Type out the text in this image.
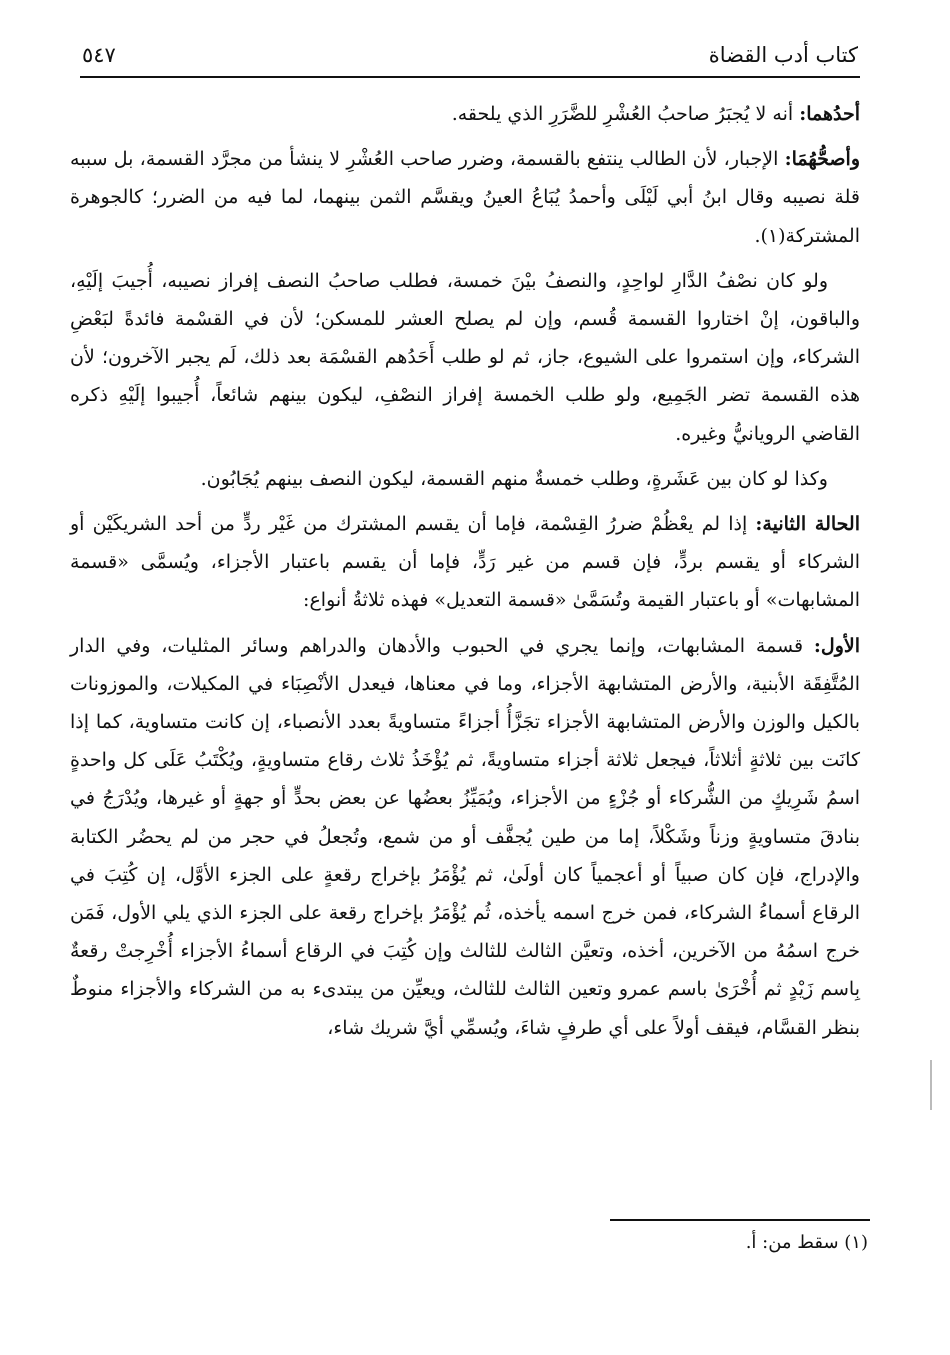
كتاب أدب القضاة
٥٤٧

أحدُهما: أنه لا يُجبَرُ صاحبُ العُشْرِ للضَّرَرِ الذي يلحقه.

وأصحُّهُمَا: الإجبار، لأن الطالب ينتفع بالقسمة، وضرر صاحب العُشْرِ لا ينشأ من مجرَّد القسمة، بل سببه قلة نصيبه وقال ابنُ أبي لَيْلَى وأحمدُ يُبَاعُ العينُ ويقسَّم الثمن بينهما، لما فيه من الضرر؛ كالجوهرة المشتركة(١).

ولو كان نصْفُ الدَّارِ لواحِدٍ، والنصفُ بيْنَ خمسة، فطلب صاحبُ النصف إفراز نصيبه، أُجيبَ إلَيْهِ، والباقون، إنْ اختاروا القسمة قُسم، وإن لم يصلح العشر للمسكن؛ لأن في القسْمة فائدةً لبَعْضِ الشركاء، وإن استمروا على الشيوع، جاز، ثم لو طلب أَحَدُهم القسْمَة بعد ذلك، لَم يجبر الآخرون؛ لأن هذه القسمة تضر الجَمِيع، ولو طلب الخمسة إفراز النصْفِ، ليكون بينهم شائعاً، أُجيبوا إلَيْهِ ذكره القاضي الرويانيُّ وغيره.

وكذا لو كان بين عَشَرةٍ، وطلب خمسةٌ منهم القسمة، ليكون النصف بينهم يُجَابُون.

الحالة الثانية: إذا لم يعْظُمْ ضررُ القِسْمة، فإما أن يقسم المشترك من غَيْر ردٍّ من أحد الشريكَيْن أو الشركاء أو يقسم بردٍّ، فإن قسم من غير رَدٍّ، فإما أن يقسم باعتبار الأجزاء، ويُسمَّى «قسمة المشابهات» أو باعتبار القيمة وتُسَمَّىٰ «قسمة التعديل» فهذه ثلاثةُ أنواع:

الأول: قسمة المشابهات، وإنما يجري في الحبوب والأدهان والدراهم وسائر المثليات، وفي الدار المُتَّفِقَة الأبنية، والأرض المتشابهة الأجزاء، وما في معناها، فيعدل الأنْصِبَاء في المكيلات، والموزونات بالكيل والوزن والأرض المتشابهة الأجزاء تجَزَّأُ أجزاءً متساويةً بعدد الأنصباء، إن كانت متساوية، كما إذا كانَت بين ثلاثةٍ أثلاثاً، فيجعل ثلاثة أجزاء متساويةً، ثم يُؤْخَذُ ثلاث رقاع متساويةٍ، ويُكْتَبُ عَلَى كل واحدةٍ اسمُ شَرِيكٍ من الشُّركاء أو جُزْءٍ من الأجزاء، ويُمَيِّزُ بعضُها عن بعض بحدٍّ أو جهةٍ أو غيرها، ويُدْرَجُ في بنادقَ متساويةٍ وزناً وشَكْلاً، إما من طين يُجفَّف أو من شمع، وتُجعلُ في حجر من لم يحضُر الكتابة والإدراج، فإن كان صبياً أو أعجمياً كان أولَىٰ، ثم يُؤْمَرُ بإخراج رقعةٍ على الجزء الأوَّل، إن كُتِبَ في الرقاع أسماءُ الشركاء، فمن خرج اسمه يأخذه، ثُم يُؤْمَرُ بإخراج رقعة على الجزء الذي يلي الأول، فَمَن خرج اسمُهُ من الآخرين، أخذه، وتعيَّن الثالث للثالث وإن كُتِبَ في الرقاع أسماءُ الأجزاء أُخْرِجتْ رقعةٌ بِاسم زَيْدٍ ثم أُخْرَىٰ باسم عمرو وتعين الثالث للثالث، ويعيِّن من يبتدىء به من الشركاء والأجزاء منوطٌ بنظر القسَّام، فيقف أولاً على أي طرفٍ شاءَ، ويُسمِّي أيَّ شريك شاء،

(١) سقط من: أ.
